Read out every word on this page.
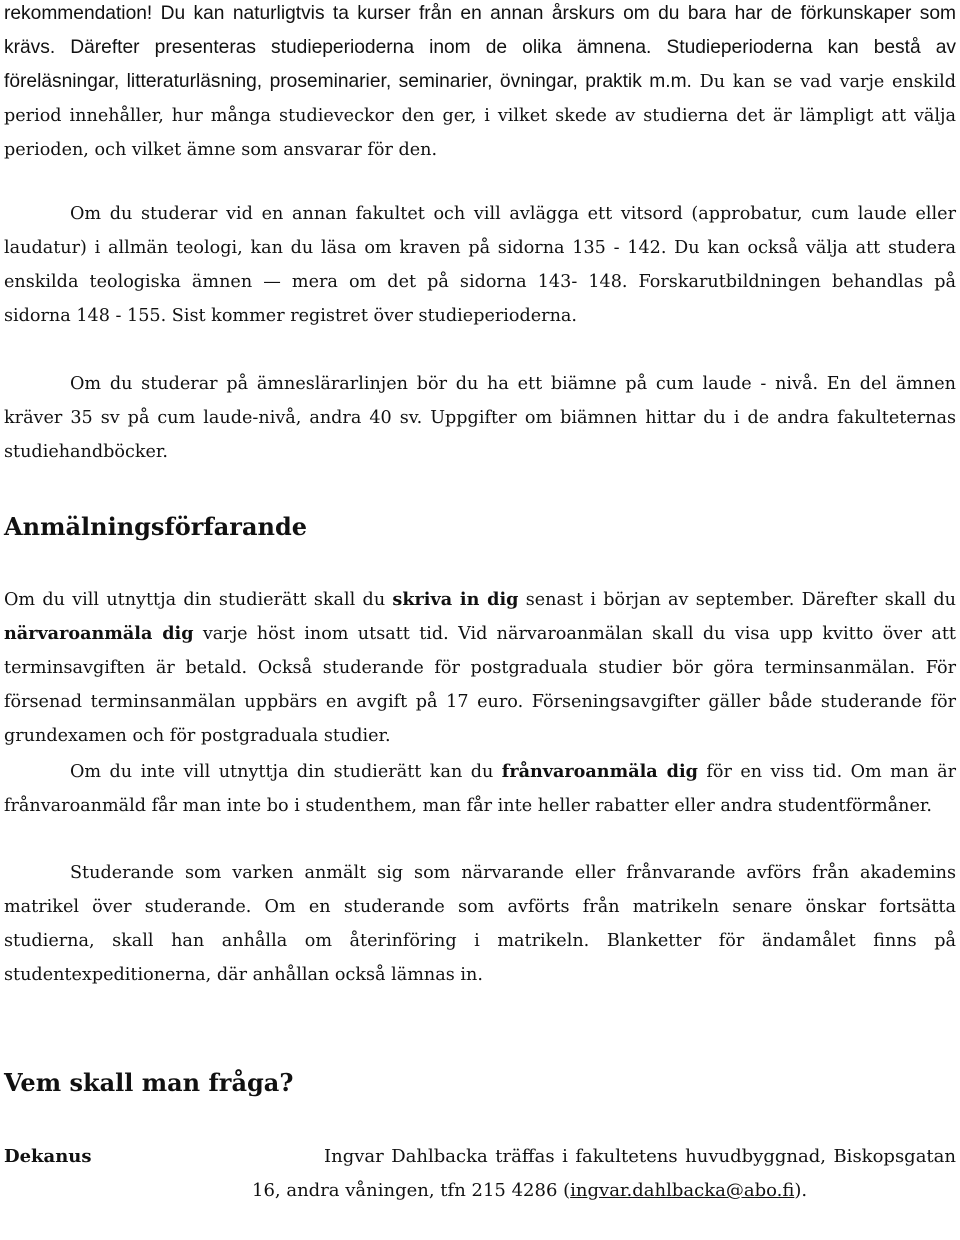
rekommendation! Du kan naturligtvis ta kurser från en annan årskurs om du bara har de förkunskaper som krävs. Därefter presenteras studieperioderna inom de olika ämnena. Studieperioderna kan bestå av föreläsningar, litteraturläsning, proseminarier, seminarier, övningar, praktik m.m. Du kan se vad varje enskild period innehåller, hur många studieveckor den ger, i vilket skede av studierna det är lämpligt att välja perioden, och vilket ämne som ansvarar för den.

Om du studerar vid en annan fakultet och vill avlägga ett vitsord (approbatur, cum laude eller laudatur) i allmän teologi, kan du läsa om kraven på sidorna 135 - 142. Du kan också välja att studera enskilda teologiska ämnen — mera om det på sidorna 143- 148. Forskarutbildningen behandlas på sidorna 148 - 155. Sist kommer registret över studieperioderna.

Om du studerar på ämneslärarlinjen bör du ha ett biämne på cum laude - nivå. En del ämnen kräver 35 sv på cum laude-nivå, andra 40 sv. Uppgifter om biämnen hittar du i de andra fakulteternas studiehandböcker.

Anmälningsförfarande

Om du vill utnyttja din studierätt skall du skriva in dig senast i början av september. Därefter skall du närvaroanmäla dig varje höst inom utsatt tid. Vid närvaroanmälan skall du visa upp kvitto över att terminsavgiften är betald. Också studerande för postgraduala studier bör göra terminsanmälan. För försenad terminsanmälan uppbärs en avgift på 17 euro. Förseningsavgifter gäller både studerande för grundexamen och för postgraduala studier.

Om du inte vill utnyttja din studierätt kan du frånvaroanmäla dig för en viss tid. Om man är frånvaroanmäld får man inte bo i studenthem, man får inte heller rabatter eller andra studentförmåner.

Studerande som varken anmält sig som närvarande eller frånvarande avförs från akademins matrikel över studerande. Om en studerande som avförts från matrikeln senare önskar fortsätta studierna, skall han anhålla om återinföring i matrikeln. Blanketter för ändamålet finns på studentexpeditionerna, där anhållan också lämnas in.

Vem skall man fråga?
Dekanus	Ingvar Dahlbacka träffas i fakultetens huvudbyggnad, Biskopsgatan 16, andra våningen, tfn 215 4286 (ingvar.dahlbacka@abo.fi).
